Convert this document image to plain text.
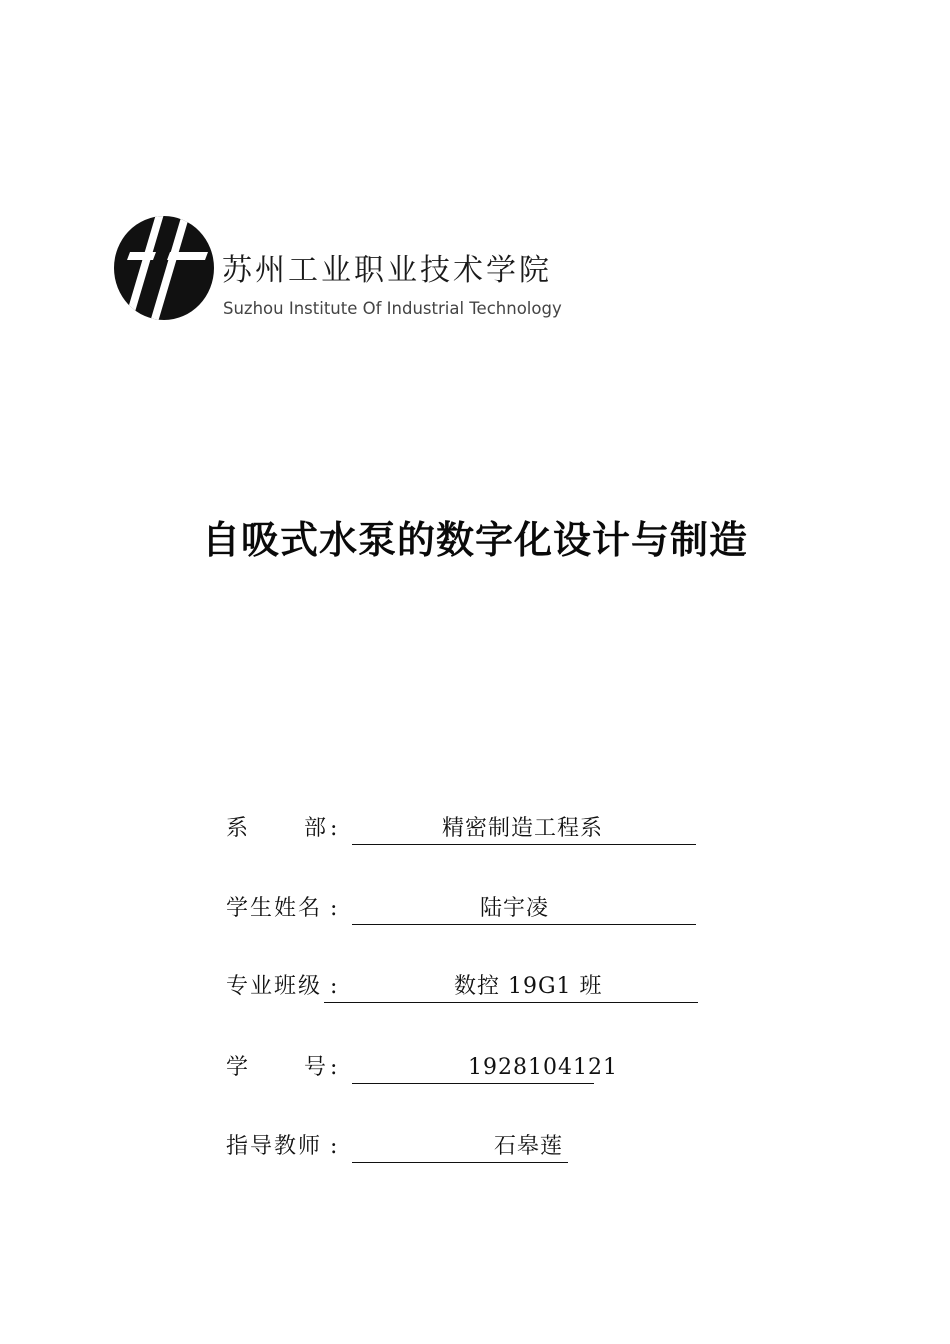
苏州工业职业技术学院
Suzhou Institute Of Industrial Technology
自吸式水泵的数字化设计与制造
系	部 :	精密制造工程系
学生姓名 :	陆宇凌
专业班级 :	数控 19G1 班
学	号 :	1928104121
指导教师 :	石皋莲
